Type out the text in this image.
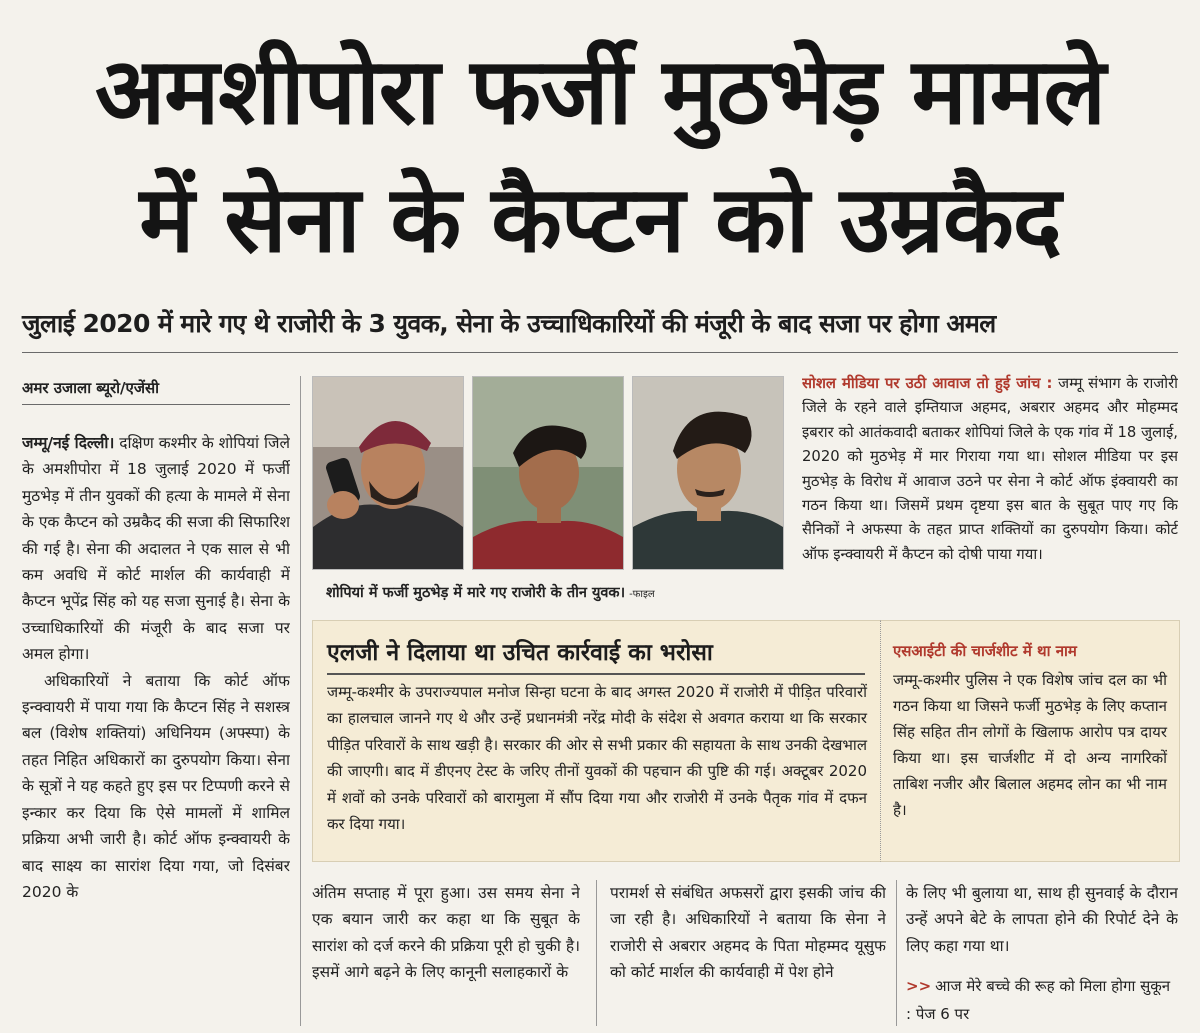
अमशीपोरा फर्जी मुठभेड़ मामले
में सेना के कैप्टन को उम्रकैद
जुलाई 2020 में मारे गए थे राजोरी के 3 युवक, सेना के उच्चाधिकारियों की मंजूरी के बाद सजा पर होगा अमल
अमर उजाला ब्यूरो/एजेंसी

जम्मू/नई दिल्ली। दक्षिण कश्मीर के शोपियां जिले के अमशीपोरा में 18 जुलाई 2020 में फर्जी मुठभेड़ में तीन युवकों की हत्या के मामले में सेना के एक कैप्टन को उम्रकैद की सजा की सिफारिश की गई है। सेना की अदालत ने एक साल से भी कम अवधि में कोर्ट मार्शल की कार्यवाही में कैप्टन भूपेंद्र सिंह को यह सजा सुनाई है। सेना के उच्चाधिकारियों की मंजूरी के बाद सजा पर अमल होगा।

अधिकारियों ने बताया कि कोर्ट ऑफ इन्क्वायरी में पाया गया कि कैप्टन सिंह ने सशस्त्र बल (विशेष शक्तियां) अधिनियम (अफ्स्पा) के तहत निहित अधिकारों का दुरुपयोग किया। सेना के सूत्रों ने यह कहते हुए इस पर टिप्पणी करने से इन्कार कर दिया कि ऐसे मामलों में शामिल प्रक्रिया अभी जारी है। कोर्ट ऑफ इन्क्वायरी के बाद साक्ष्य का सारांश दिया गया, जो दिसंबर 2020 के

शोपियां में फर्जी मुठभेड़ में मारे गए राजोरी के तीन युवक। -फाइल

सोशल मीडिया पर उठी आवाज तो हुई जांच : जम्मू संभाग के राजोरी जिले के रहने वाले इम्तियाज अहमद, अबरार अहमद और मोहम्मद इबरार को आतंकवादी बताकर शोपियां जिले के एक गांव में 18 जुलाई, 2020 को मुठभेड़ में मार गिराया गया था। सोशल मीडिया पर इस मुठभेड़ के विरोध में आवाज उठने पर सेना ने कोर्ट ऑफ इंक्वायरी का गठन किया था। जिसमें प्रथम दृष्टया इस बात के सुबूत पाए गए कि सैनिकों ने अफस्पा के तहत प्राप्त शक्तियों का दुरुपयोग किया। कोर्ट ऑफ इन्क्वायरी में कैप्टन को दोषी पाया गया।

एलजी ने दिलाया था उचित कार्रवाई का भरोसा
जम्मू-कश्मीर के उपराज्यपाल मनोज सिन्हा घटना के बाद अगस्त 2020 में राजोरी में पीड़ित परिवारों का हालचाल जानने गए थे और उन्हें प्रधानमंत्री नरेंद्र मोदी के संदेश से अवगत कराया था कि सरकार पीड़ित परिवारों के साथ खड़ी है। सरकार की ओर से सभी प्रकार की सहायता के साथ उनकी देखभाल की जाएगी। बाद में डीएनए टेस्ट के जरिए तीनों युवकों की पहचान की पुष्टि की गई। अक्टूबर 2020 में शवों को उनके परिवारों को बारामुला में सौंप दिया गया और राजोरी में उनके पैतृक गांव में दफन कर दिया गया।
एसआईटी की चार्जशीट में था नाम
जम्मू-कश्मीर पुलिस ने एक विशेष जांच दल का भी गठन किया था जिसने फर्जी मुठभेड़ के लिए कप्तान सिंह सहित तीन लोगों के खिलाफ आरोप पत्र दायर किया था। इस चार्जशीट में दो अन्य नागरिकों ताबिश नजीर और बिलाल अहमद लोन का भी नाम है।

अंतिम सप्ताह में पूरा हुआ। उस समय सेना ने एक बयान जारी कर कहा था कि सुबूत के सारांश को दर्ज करने की प्रक्रिया पूरी हो चुकी है। इसमें आगे बढ़ने के लिए कानूनी सलाहकारों के

परामर्श से संबंधित अफसरों द्वारा इसकी जांच की जा रही है। अधिकारियों ने बताया कि सेना ने राजोरी से अबरार अहमद के पिता मोहम्मद यूसुफ को कोर्ट मार्शल की कार्यवाही में पेश होने

के लिए भी बुलाया था, साथ ही सुनवाई के दौरान उन्हें अपने बेटे के लापता होने की रिपोर्ट देने के लिए कहा गया था।

>> आज मेरे बच्चे की रूह को मिला होगा सुकून : पेज 6 पर
